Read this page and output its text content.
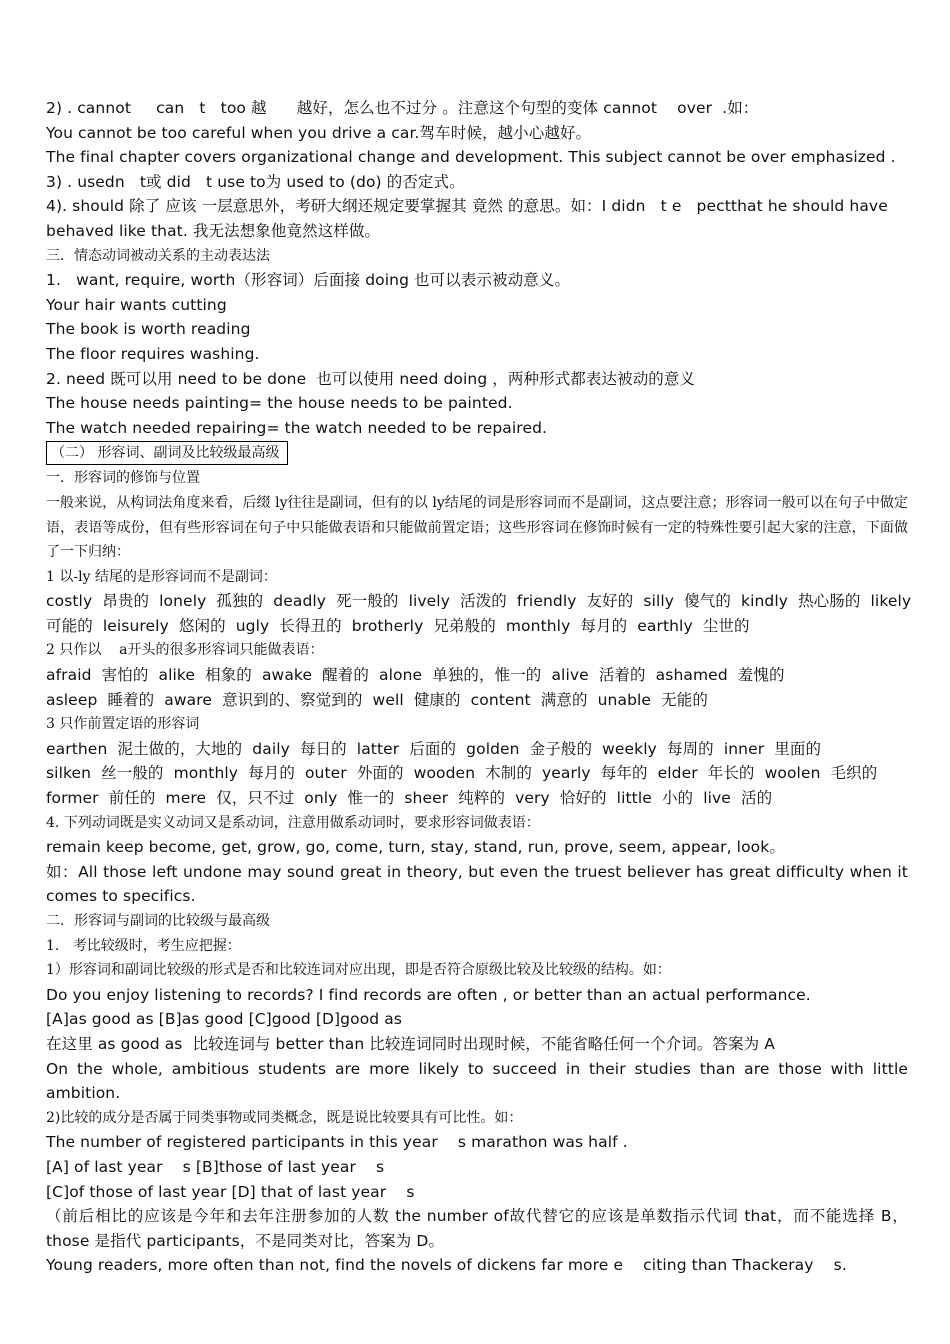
2) . cannot     can   t   too 越      越好，怎么也不过分 。注意这个句型的变体 cannot    over  .如：

You cannot be too careful when you drive a car.驾车时候，越小心越好。

The final chapter covers organizational change and development. This subject cannot be over emphasized .

3) . usedn   t或 did   t use to为 used to (do) 的否定式。

4). should 除了 应该 一层意思外，考研大纲还规定要掌握其 竟然 的意思。如：I didn   t e   pectthat he should have

behaved like that. 我无法想象他竟然这样做。

三．情态动词被动关系的主动表达法

1.   want, require, worth（形容词）后面接 doing 也可以表示被动意义。

Your hair wants cutting

The book is worth reading

The floor requires washing.

2. need 既可以用 need to be done  也可以使用 need doing ，两种形式都表达被动的意义

The house needs painting= the house needs to be painted.

The watch needed repairing= the watch needed to be repaired.

（二） 形容词、副词及比较级最高级

一．形容词的修饰与位置

一般来说，从构词法角度来看，后缀 ly往往是副词，但有的以 ly结尾的词是形容词而不是副词，这点要注意；形容词一般可以在句子中做定语，表语等成份，但有些形容词在句子中只能做表语和只能做前置定语；这些形容词在修饰时候有一定的特殊性要引起大家的注意，下面做了一下归纳：

1 以-ly 结尾的是形容词而不是副词：

costly  昂贵的  lonely  孤独的  deadly  死一般的  lively  活泼的  friendly  友好的  silly  傻气的  kindly  热心肠的  likely

可能的  leisurely  悠闲的  ugly  长得丑的  brotherly  兄弟般的  monthly  每月的  earthly  尘世的

2 只作以    a开头的很多形容词只能做表语：

afraid  害怕的  alike  相象的  awake  醒着的  alone  单独的，惟一的  alive  活着的  ashamed  羞愧的

asleep  睡着的  aware  意识到的、察觉到的  well  健康的  content  满意的  unable  无能的

3 只作前置定语的形容词

earthen  泥土做的，大地的  daily  每日的  latter  后面的  golden  金子般的  weekly  每周的  inner  里面的

silken  丝一般的  monthly  每月的  outer  外面的  wooden  木制的  yearly  每年的  elder  年长的  woolen  毛织的

former  前任的  mere  仅，只不过  only  惟一的  sheer  纯粹的  very  恰好的  little  小的  live  活的

4. 下列动词既是实义动词又是系动词，注意用做系动词时，要求形容词做表语：

remain keep become, get, grow, go, come, turn, stay, stand, run, prove, seem, appear, look。

如：All those left undone may sound great in theory, but even the truest believer has great difficulty when it comes to specifics.

二．形容词与副词的比较级与最高级

1.   考比较级时，考生应把握：

1）形容词和副词比较级的形式是否和比较连词对应出现，即是否符合原级比较及比较级的结构。如：

Do you enjoy listening to records? I find records are often , or better than an actual performance.

[A]as good as [B]as good [C]good [D]good as

在这里 as good as  比较连词与 better than 比较连词同时出现时候，不能省略任何一个介词。答案为 A

On the whole, ambitious students are more likely to succeed in their studies than are those with little ambition.

2)比较的成分是否属于同类事物或同类概念，既是说比较要具有可比性。如：

The number of registered participants in this year    s marathon was half .

[A] of last year    s [B]those of last year    s

[C]of those of last year [D] that of last year    s

（前后相比的应该是今年和去年注册参加的人数 the number of故代替它的应该是单数指示代词 that，而不能选择 B，those 是指代 participants，不是同类对比，答案为 D。

Young readers, more often than not, find the novels of dickens far more e    citing than Thackeray    s.
